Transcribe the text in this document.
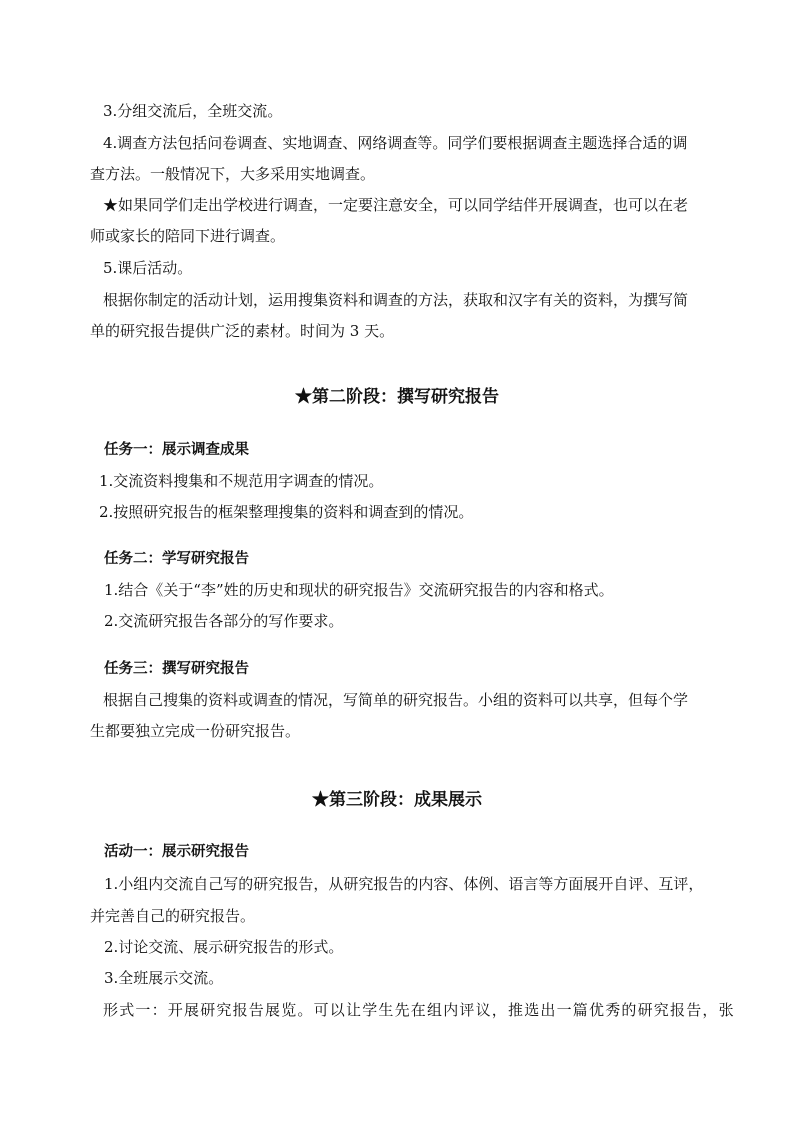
3.分组交流后，全班交流。

4.调查方法包括问卷调查、实地调查、网络调查等。同学们要根据调查主题选择合适的调

查方法。一般情况下，大多采用实地调查。

★如果同学们走出学校进行调查，一定要注意安全，可以同学结伴开展调查，也可以在老

师或家长的陪同下进行调查。

5.课后活动。

根据你制定的活动计划，运用搜集资料和调查的方法，获取和汉字有关的资料，为撰写简

单的研究报告提供广泛的素材。时间为 3 天。

★第二阶段：撰写研究报告
任务一：展示调查成果

1.交流资料搜集和不规范用字调查的情况。

2.按照研究报告的框架整理搜集的资料和调查到的情况。

任务二：学写研究报告

1.结合《关于“李”姓的历史和现状的研究报告》交流研究报告的内容和格式。

2.交流研究报告各部分的写作要求。

任务三：撰写研究报告

根据自己搜集的资料或调查的情况，写简单的研究报告。小组的资料可以共享，但每个学

生都要独立完成一份研究报告。

★第三阶段：成果展示
活动一：展示研究报告

1.小组内交流自己写的研究报告，从研究报告的内容、体例、语言等方面展开自评、互评，

并完善自己的研究报告。

2.讨论交流、展示研究报告的形式。

3.全班展示交流。

形式一：开展研究报告展览。可以让学生先在组内评议，推选出一篇优秀的研究报告，张
